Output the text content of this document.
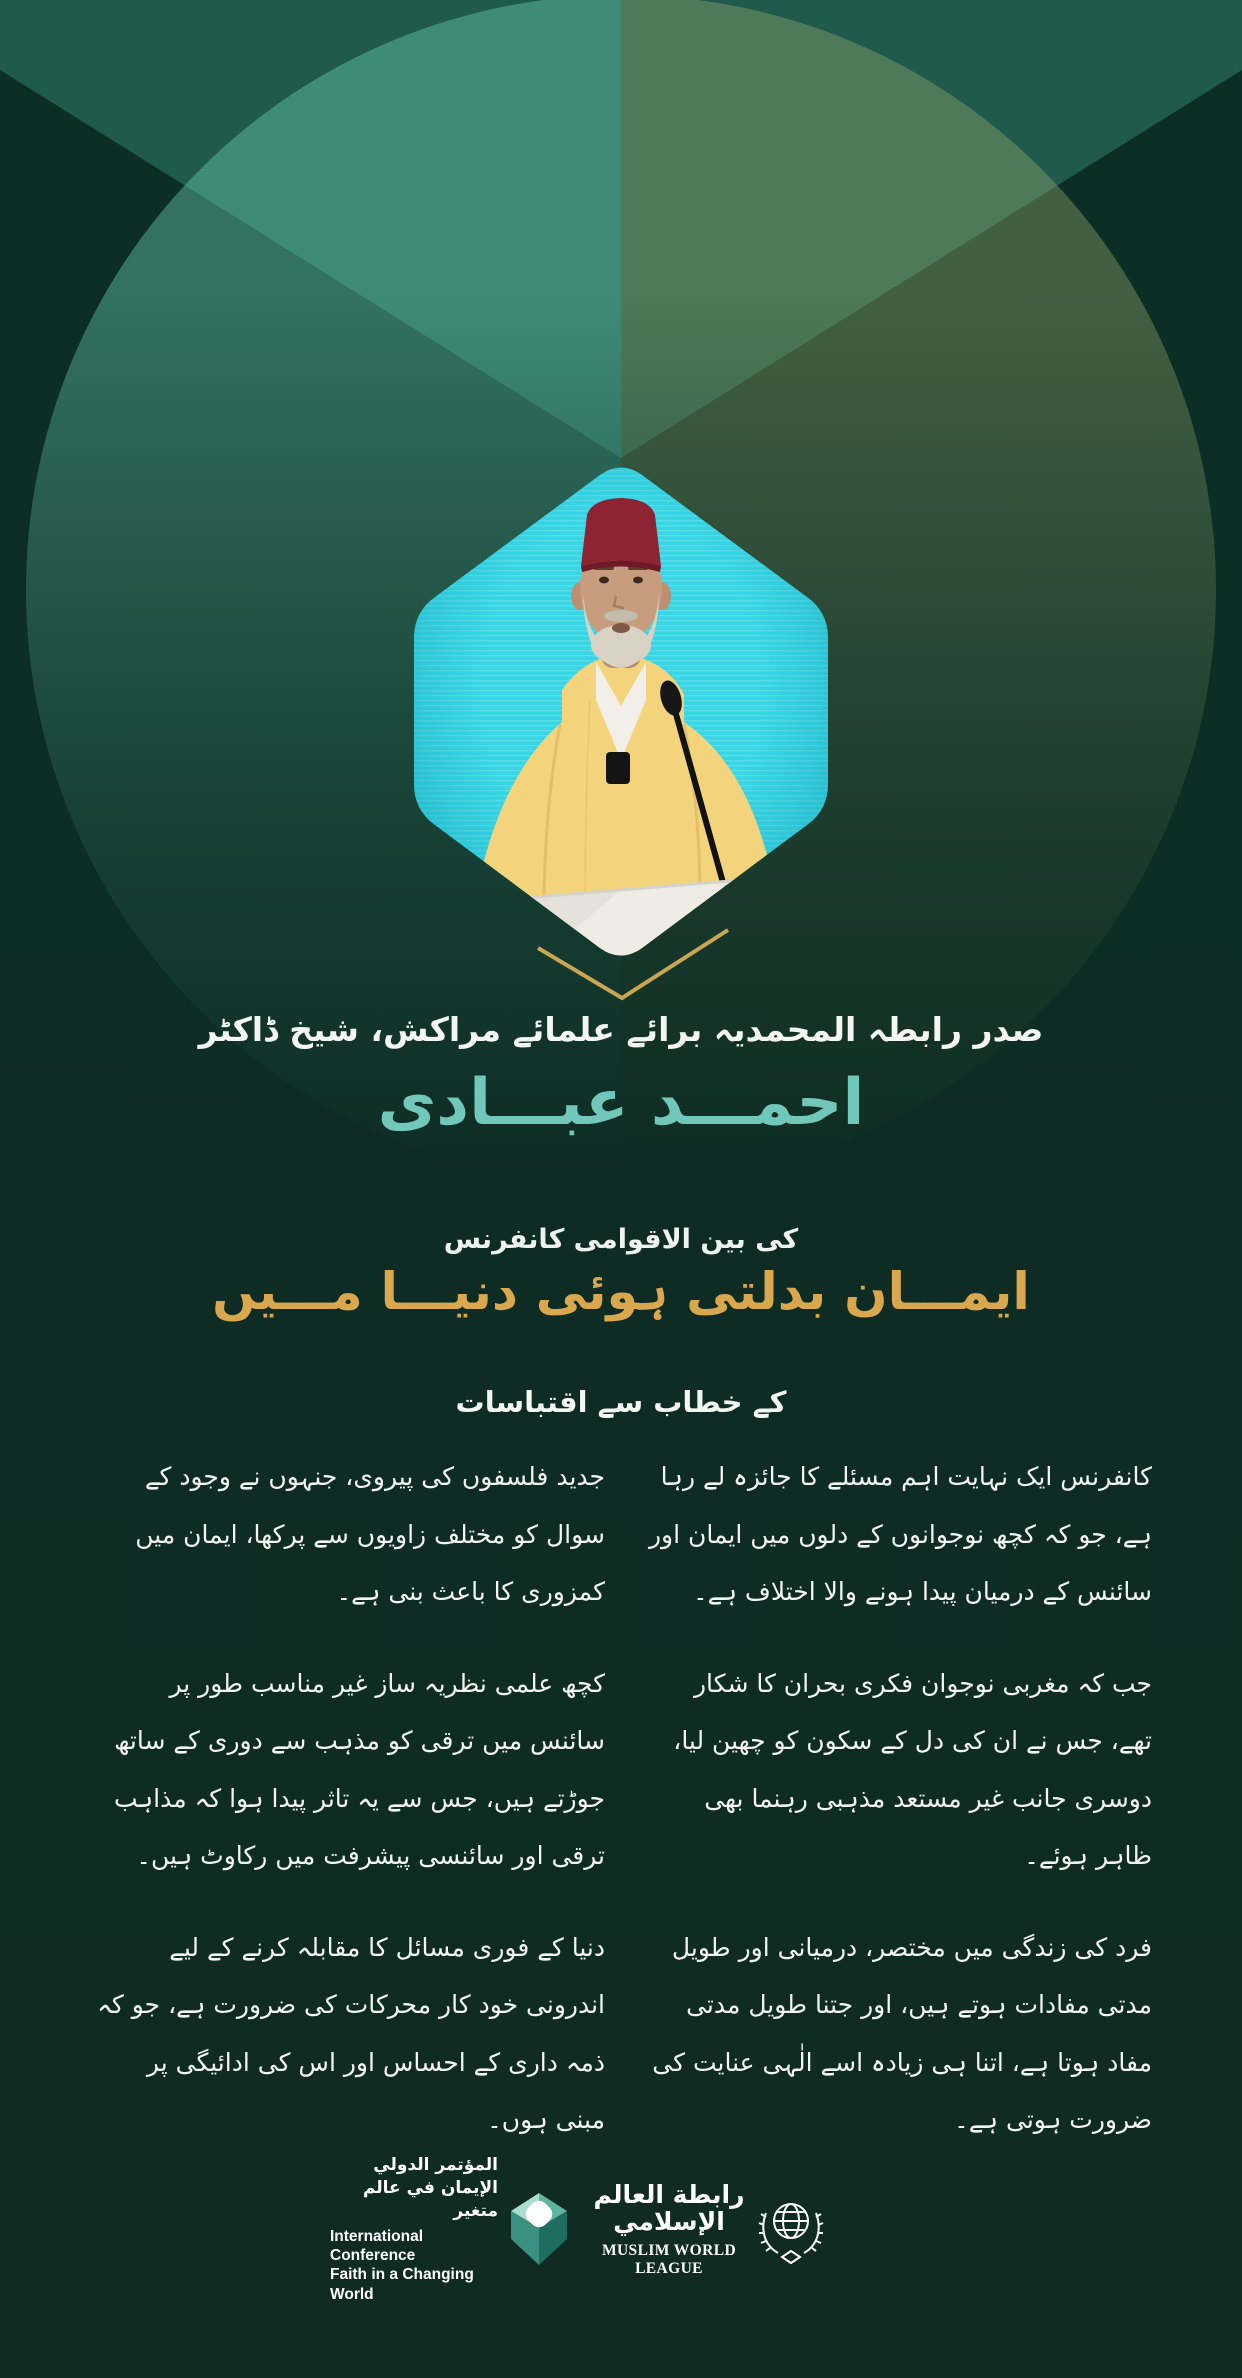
صدر رابطہ المحمدیہ برائے علمائے مراکش، شیخ ڈاکٹر
احمـــد عبـــادی
کی بین الاقوامی کانفرنس
ایمـــان بدلتی ہوئی دنیـــا مـــیں
کے خطاب سے اقتباسات

کانفرنس ایک نہایت اہم مسئلے کا جائزہ لے رہا ہے، جو کہ کچھ نوجوانوں کے دلوں میں ایمان اور سائنس کے درمیان پیدا ہونے والا اختلاف ہے۔

جب کہ مغربی نوجوان فکری بحران کا شکار تھے، جس نے ان کی دل کے سکون کو چھین لیا، دوسری جانب غیر مستعد مذہبی رہنما بھی ظاہر ہوئے۔

فرد کی زندگی میں مختصر، درمیانی اور طویل مدتی مفادات ہوتے ہیں، اور جتنا طویل مدتی مفاد ہوتا ہے، اتنا ہی زیادہ اسے الٰہی عنایت کی ضرورت ہوتی ہے۔

جدید فلسفوں کی پیروی، جنہوں نے وجود کے سوال کو مختلف زاویوں سے پرکھا، ایمان میں کمزوری کا باعث بنی ہے۔

کچھ علمی نظریہ ساز غیر مناسب طور پر سائنس میں ترقی کو مذہب سے دوری کے ساتھ جوڑتے ہیں، جس سے یہ تاثر پیدا ہوا کہ مذاہب ترقی اور سائنسی پیشرفت میں رکاوٹ ہیں۔

دنیا کے فوری مسائل کا مقابلہ کرنے کے لیے اندرونی خود کار محرکات کی ضرورت ہے، جو کہ ذمہ داری کے احساس اور اس کی ادائیگی پر مبنی ہوں۔

المؤتمر الدولي
الإيمان في عالم متغير
International Conference
Faith in a Changing World
رابطة العالم الإسلامي
MUSLIM WORLD LEAGUE
